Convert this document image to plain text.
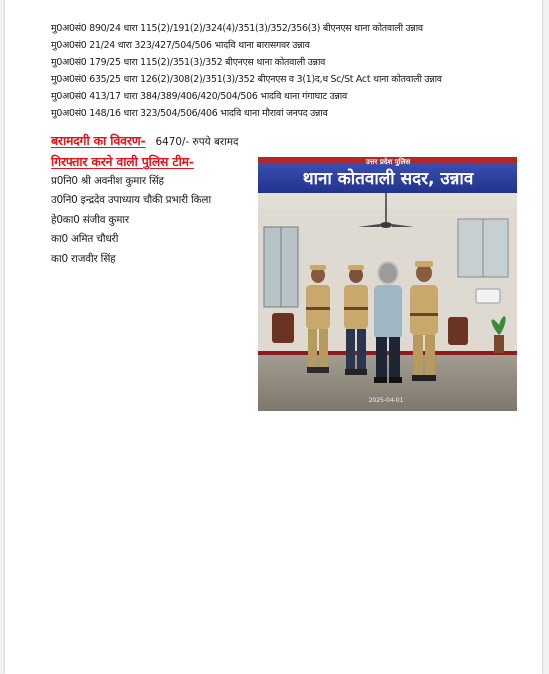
मु0अ0सं0 890/24 धारा 115(2)/191(2)/324(4)/351(3)/352/356(3) बीएनएस थाना कोतवाली उन्नाव
मु0अ0सं0 21/24 धारा 323/427/504/506 भादवि थाना बारासगवर उन्नाव
मु0अ0सं0 179/25 धारा 115(2)/351(3)/352 बीएनएस थाना कोतवाली उन्नाव
मु0अ0सं0 635/25 धारा 126(2)/308(2)/351(3)/352 बीएनएस व 3(1)द,ध Sc/St Act थाना कोतवाली उन्नाव
मु0अ0सं0 413/17 धारा 384/389/406/420/504/506 भादवि थाना गंगाघाट उन्नाव
मु0अ0सं0 148/16 धारा 323/504/506/406 भादवि थाना मौरावां जनपद उन्नाव
बरामदगी का विवरण- 6470/- रुपये बरामद
गिरफ्तार करने वाली पुलिस टीम-
प्र0नि0 श्री अवनीश कुमार सिंह
उ0नि0 इन्द्रदेव उपाध्याय चौकी प्रभारी किला
हे0का0 संजीव कुमार
का0 अमित चौधरी
का0 राजवीर सिंह
उत्तर प्रदेश पुलिस
थाना कोतवाली सदर, उन्नाव
2025-04-01
